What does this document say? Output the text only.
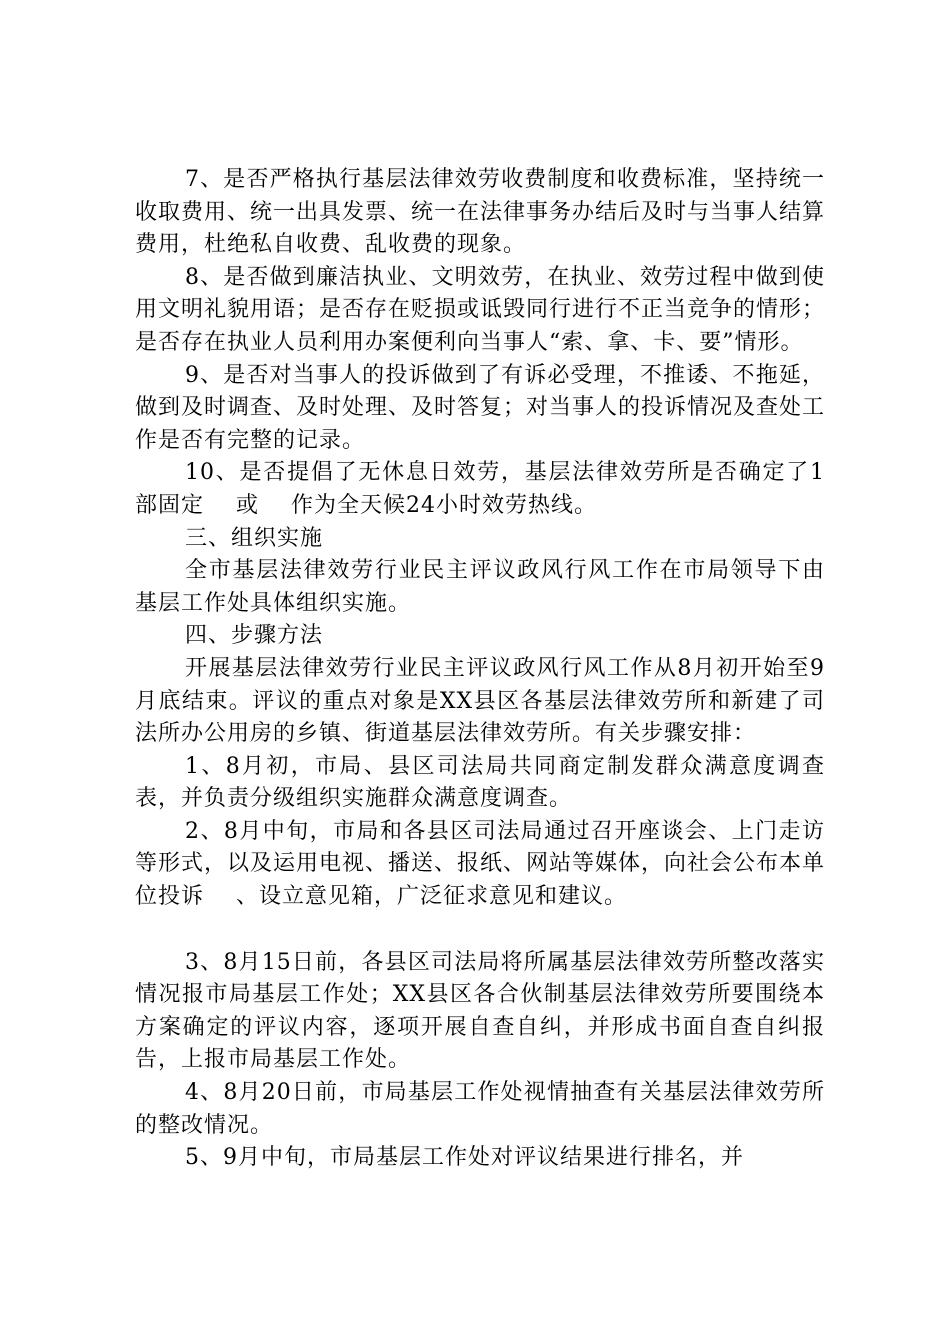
7、是否严格执行基层法律效劳收费制度和收费标准，坚持统一收取费用、统一出具发票、统一在法律事务办结后及时与当事人结算费用，杜绝私自收费、乱收费的现象。

8、是否做到廉洁执业、文明效劳，在执业、效劳过程中做到使用文明礼貌用语；是否存在贬损或诋毁同行进行不正当竞争的情形；是否存在执业人员利用办案便利向当事人“索、拿、卡、要”情形。

9、是否对当事人的投诉做到了有诉必受理，不推诿、不拖延，做到及时调查、及时处理、及时答复；对当事人的投诉情况及查处工作是否有完整的记录。

10、是否提倡了无休息日效劳，基层法律效劳所是否确定了1部固定    或    作为全天候24小时效劳热线。

三、组织实施

全市基层法律效劳行业民主评议政风行风工作在市局领导下由基层工作处具体组织实施。

四、步骤方法

开展基层法律效劳行业民主评议政风行风工作从8月初开始至9月底结束。评议的重点对象是XX县区各基层法律效劳所和新建了司法所办公用房的乡镇、街道基层法律效劳所。有关步骤安排：

1、8月初，市局、县区司法局共同商定制发群众满意度调查表，并负责分级组织实施群众满意度调查。

2、8月中旬，市局和各县区司法局通过召开座谈会、上门走访等形式，以及运用电视、播送、报纸、网站等媒体，向社会公布本单位投诉    、设立意见箱，广泛征求意见和建议。

3、8月15日前，各县区司法局将所属基层法律效劳所整改落实情况报市局基层工作处；XX县区各合伙制基层法律效劳所要围绕本方案确定的评议内容，逐项开展自查自纠，并形成书面自查自纠报告，上报市局基层工作处。

4、8月20日前，市局基层工作处视情抽查有关基层法律效劳所的整改情况。

5、9月中旬，市局基层工作处对评议结果进行排名，并
